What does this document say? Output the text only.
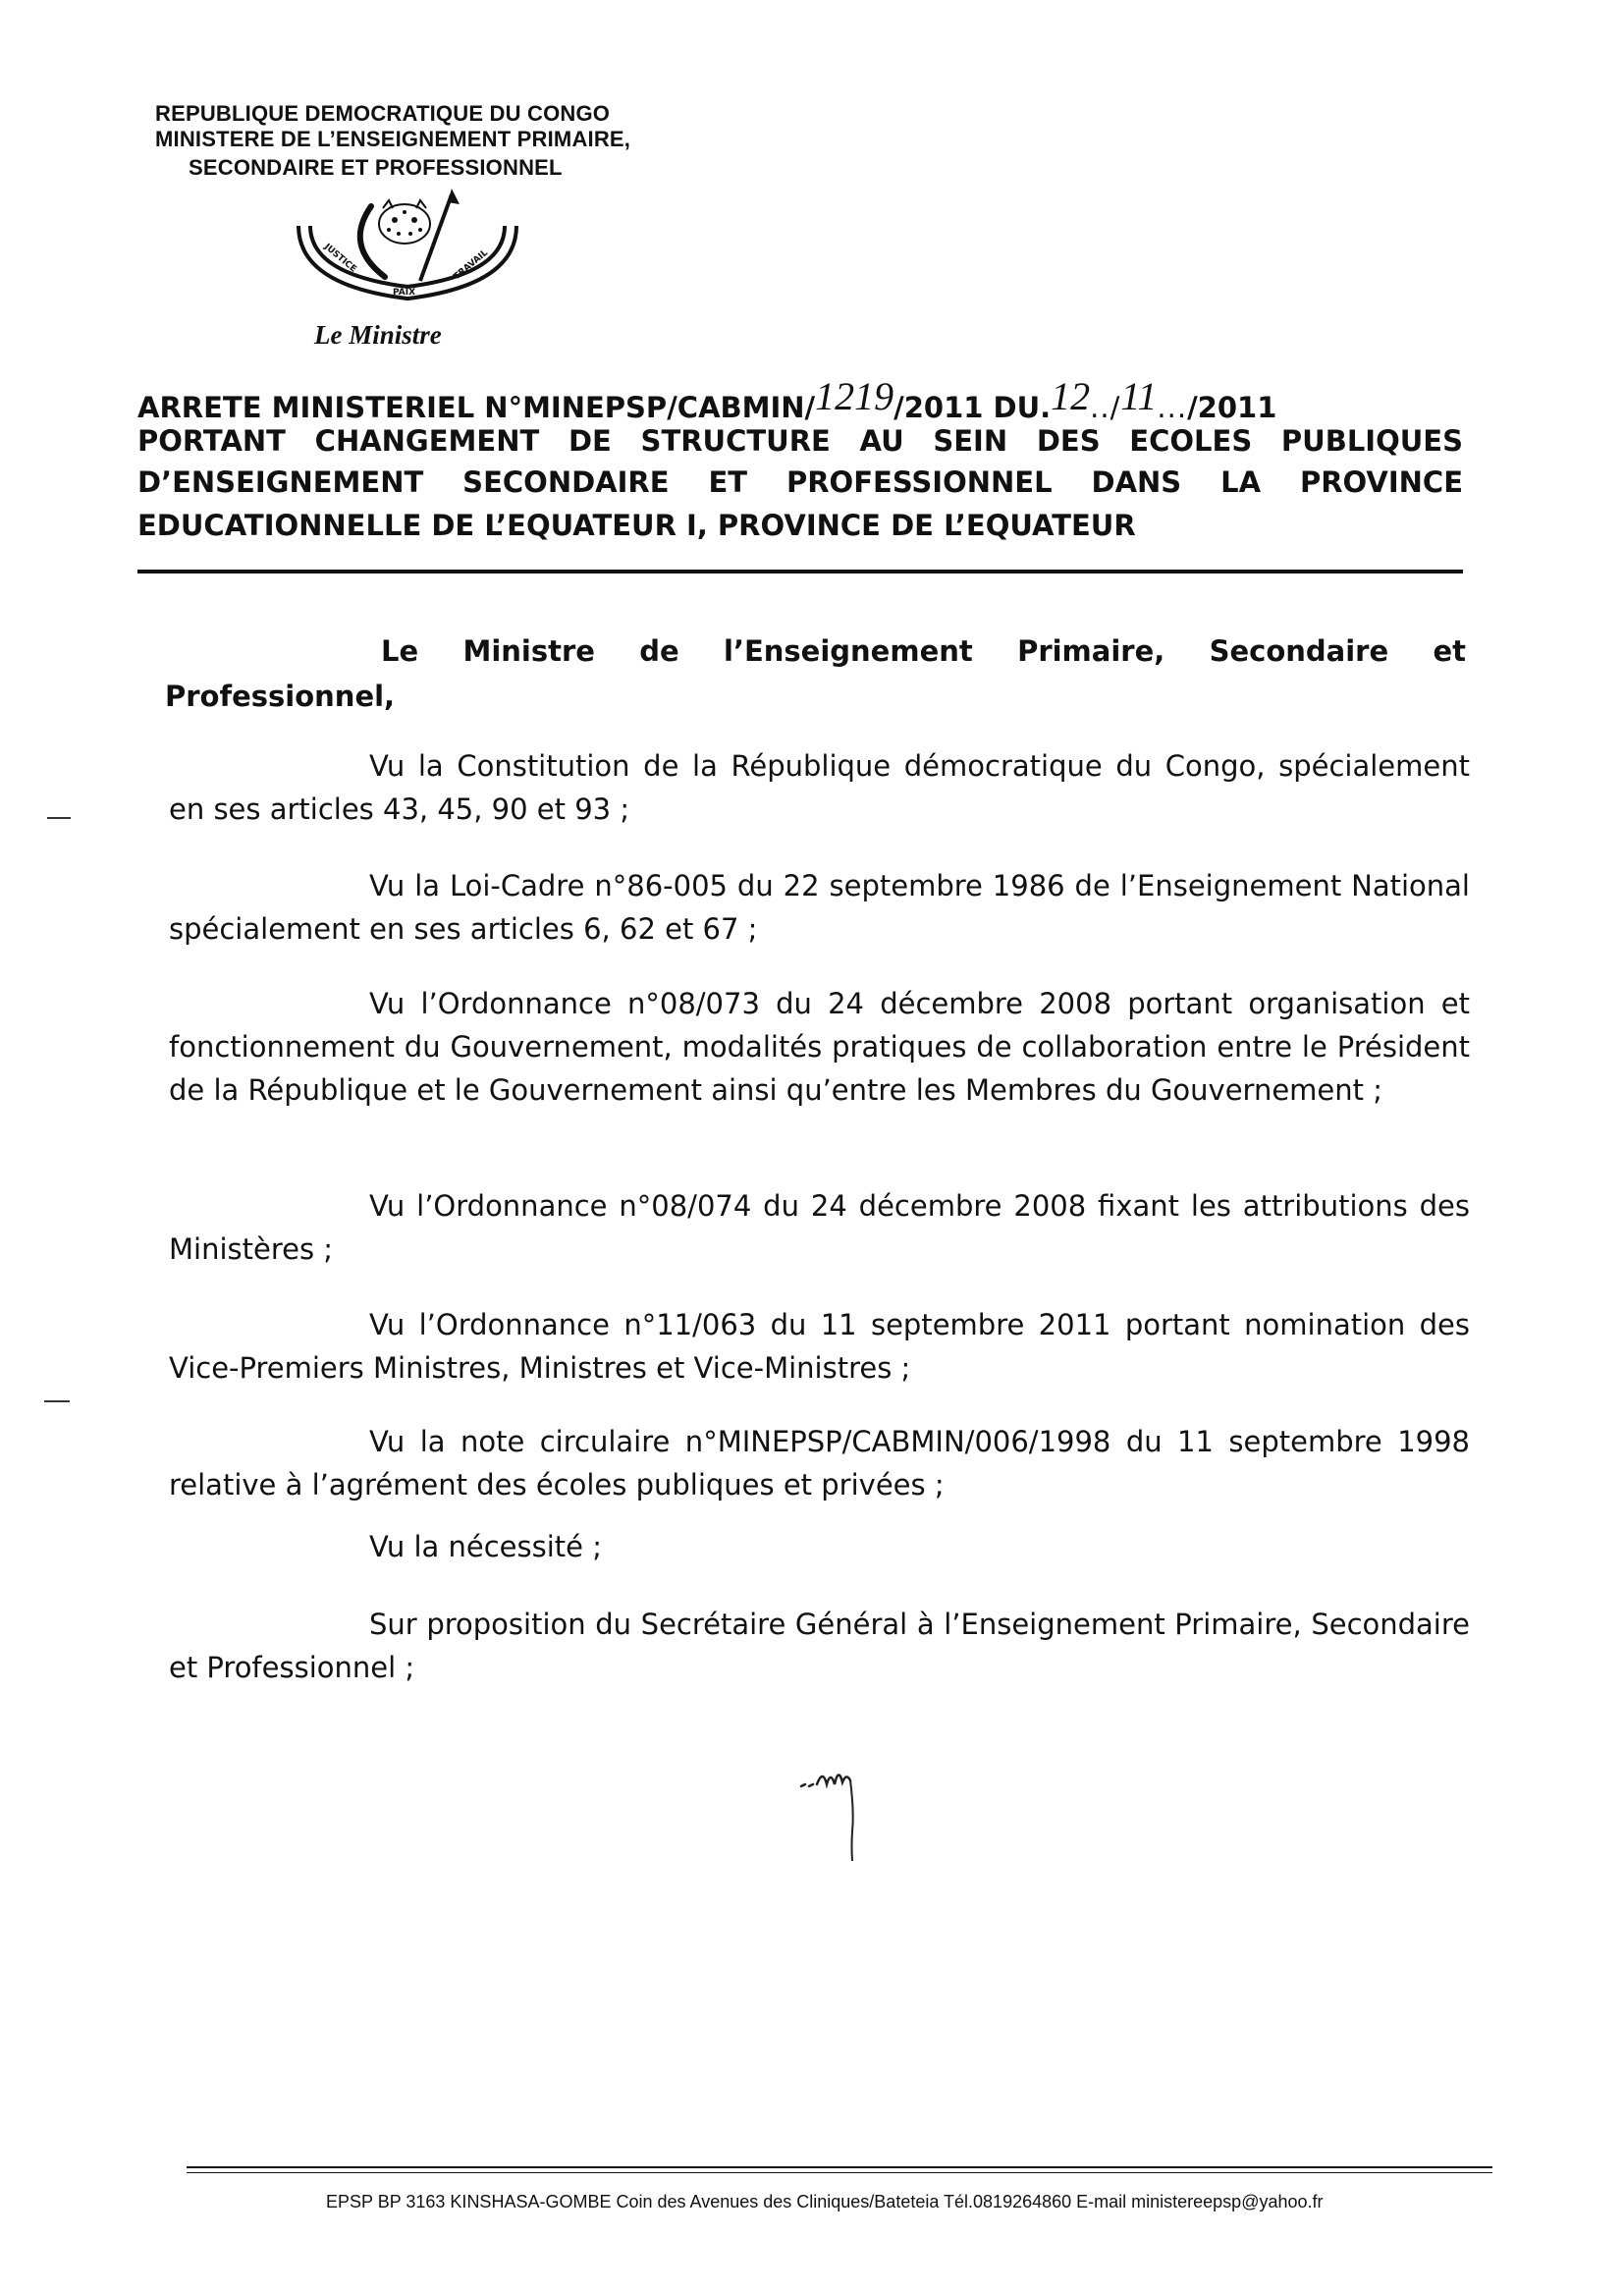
REPUBLIQUE DEMOCRATIQUE DU CONGO
MINISTERE DE L’ENSEIGNEMENT PRIMAIRE,
SECONDAIRE ET PROFESSIONNEL
JUSTICE
PAIX
TRAVAIL
Le Ministre
ARRETE MINISTERIEL N°MINEPSP/CABMIN/1219/2011 DU.12../11.../2011
PORTANT CHANGEMENT DE STRUCTURE AU SEIN DES ECOLES PUBLIQUES
D’ENSEIGNEMENT SECONDAIRE ET PROFESSIONNEL DANS LA PROVINCE
EDUCATIONNELLE DE L’EQUATEUR I, PROVINCE DE L’EQUATEUR
Le Ministre de l’Enseignement Primaire, Secondaire et
Professionnel,
Vu la Constitution de la République démocratique du Congo, spécialement en ses articles 43, 45, 90 et 93 ;
Vu la Loi-Cadre n°86-005 du 22 septembre 1986 de l’Enseignement National spécialement en ses articles 6, 62 et 67 ;
Vu l’Ordonnance n°08/073 du 24 décembre 2008 portant organisation et fonctionnement du Gouvernement, modalités pratiques de collaboration entre le Président de la République et le Gouvernement ainsi qu’entre les Membres du Gouvernement ;
Vu l’Ordonnance n°08/074 du 24 décembre 2008 fixant les attributions des Ministères ;
Vu l’Ordonnance n°11/063 du 11 septembre 2011 portant nomination des Vice-Premiers Ministres, Ministres et Vice-Ministres ;
Vu la note circulaire n°MINEPSP/CABMIN/006/1998 du 11 septembre 1998 relative à l’agrément des écoles publiques et privées ;
Vu la nécessité ;
Sur proposition du Secrétaire Général à l’Enseignement Primaire, Secondaire et Professionnel ;
EPSP BP 3163 KINSHASA-GOMBE Coin des Avenues des Cliniques/Bateteia Tél.0819264860 E-mail ministereepsp@yahoo.fr
